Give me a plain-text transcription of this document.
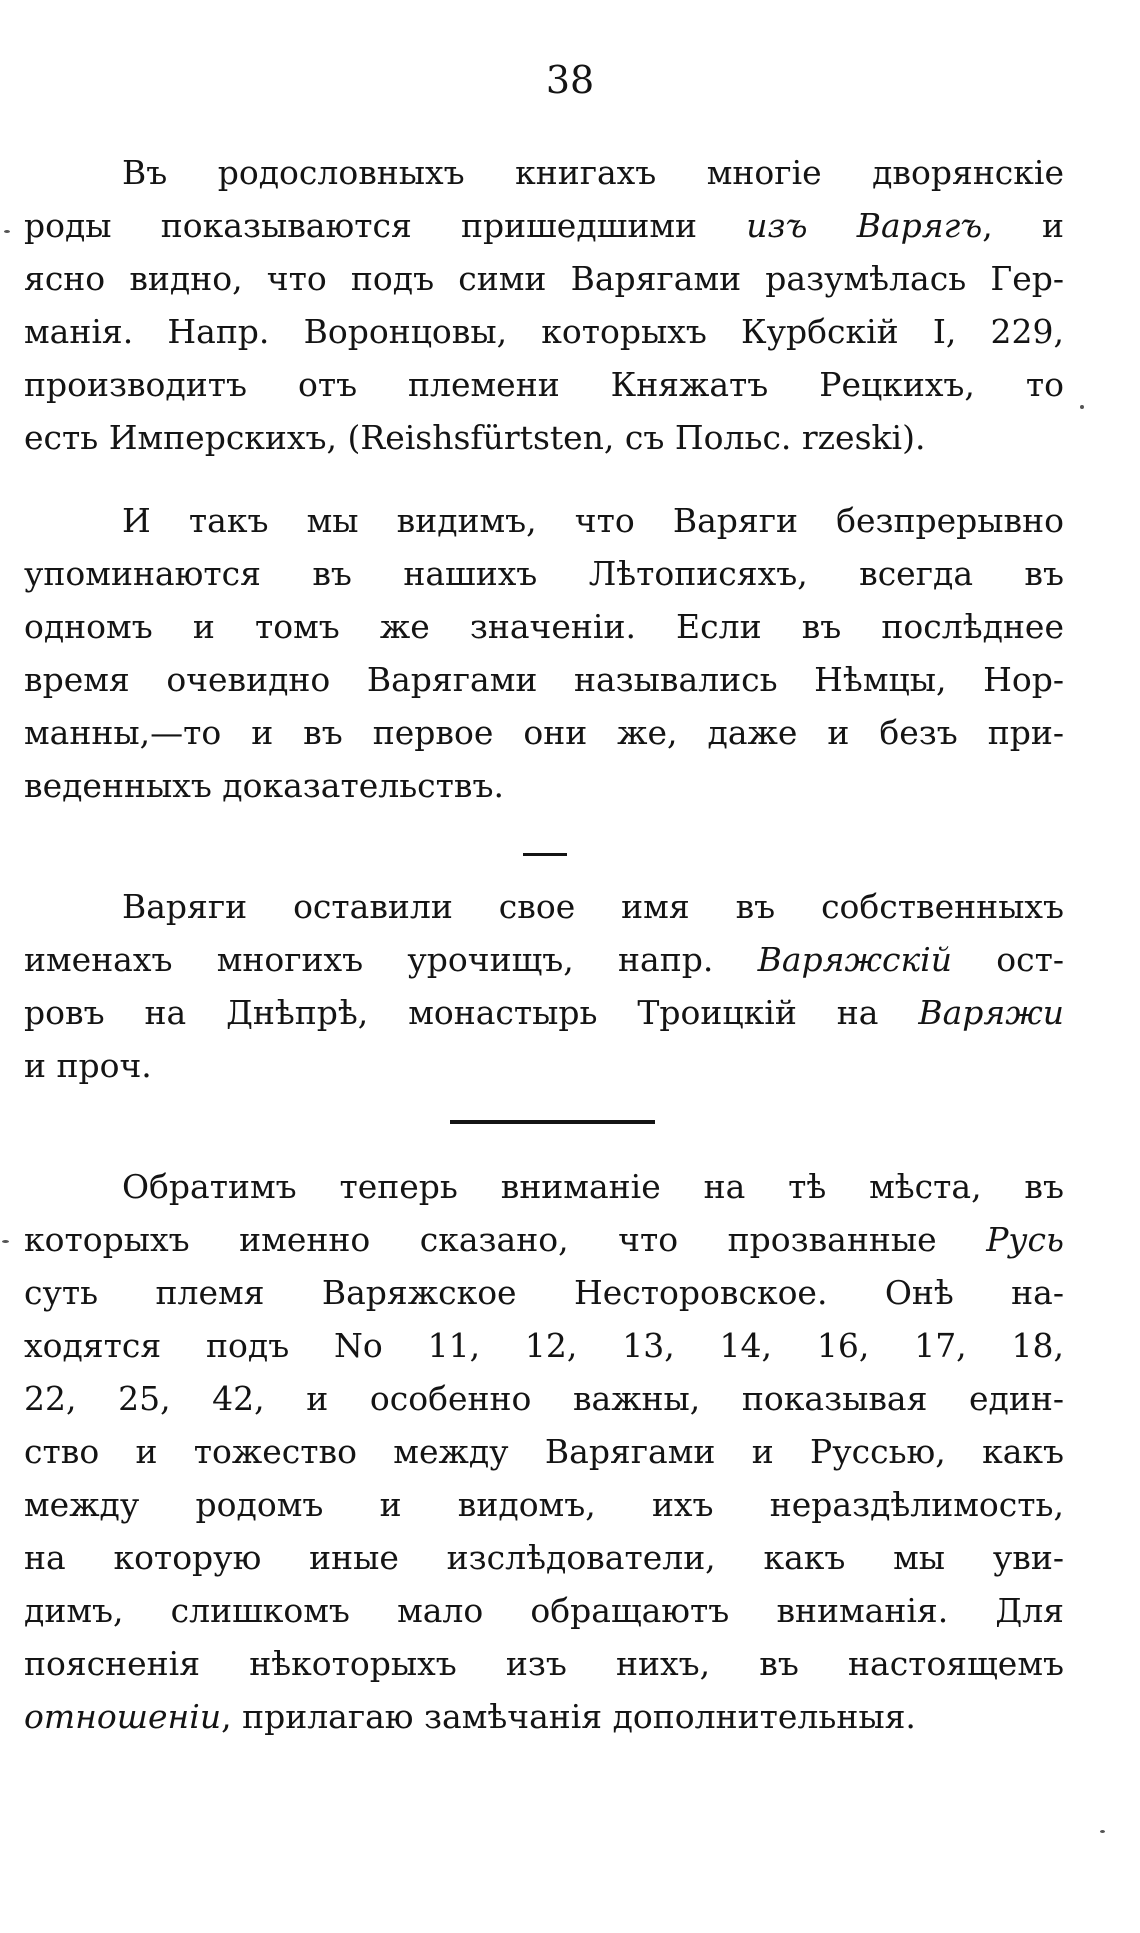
38
Въ родословныхъ книгахъ многіе дворянскіе
роды показываются пришедшими изъ Варягъ, и
ясно видно, что подъ сими Варягами разумѣлась Гер-
манія. Напр. Воронцовы, которыхъ Курбскій I, 229,
производитъ отъ племени Княжатъ Рецкихъ, то
есть Имперскихъ, (Reishsfürtsten, съ Польс. rzeski).
И такъ мы видимъ, что Варяги безпрерывно
упоминаются въ нашихъ Лѣтописяхъ, всегда въ
одномъ и томъ же значеніи. Если въ послѣднее
время очевидно Варягами назывались Нѣмцы, Нор-
манны,—то и въ первое они же, даже и безъ при-
веденныхъ доказательствъ.
Варяги оставили свое имя въ собственныхъ
именахъ многихъ урочищъ, напр. Варяжскій ост-
ровъ на Днѣпрѣ, монастырь Троицкій на Варяжи
и проч.
Обратимъ теперь вниманіе на тѣ мѣста, въ
которыхъ именно сказано, что прозванные Русь
суть племя Варяжское Несторовское. Онѣ на-
ходятся подъ No 11, 12, 13, 14, 16, 17, 18,
22, 25, 42, и особенно важны, показывая един-
ство и тожество между Варягами и Руссью, какъ
между родомъ и видомъ, ихъ нераздѣлимость,
на которую иные изслѣдователи, какъ мы уви-
димъ, слишкомъ мало обращаютъ вниманія. Для
поясненія нѣкоторыхъ изъ нихъ, въ настоящемъ
отношеніи, прилагаю замѣчанія дополнительныя.
